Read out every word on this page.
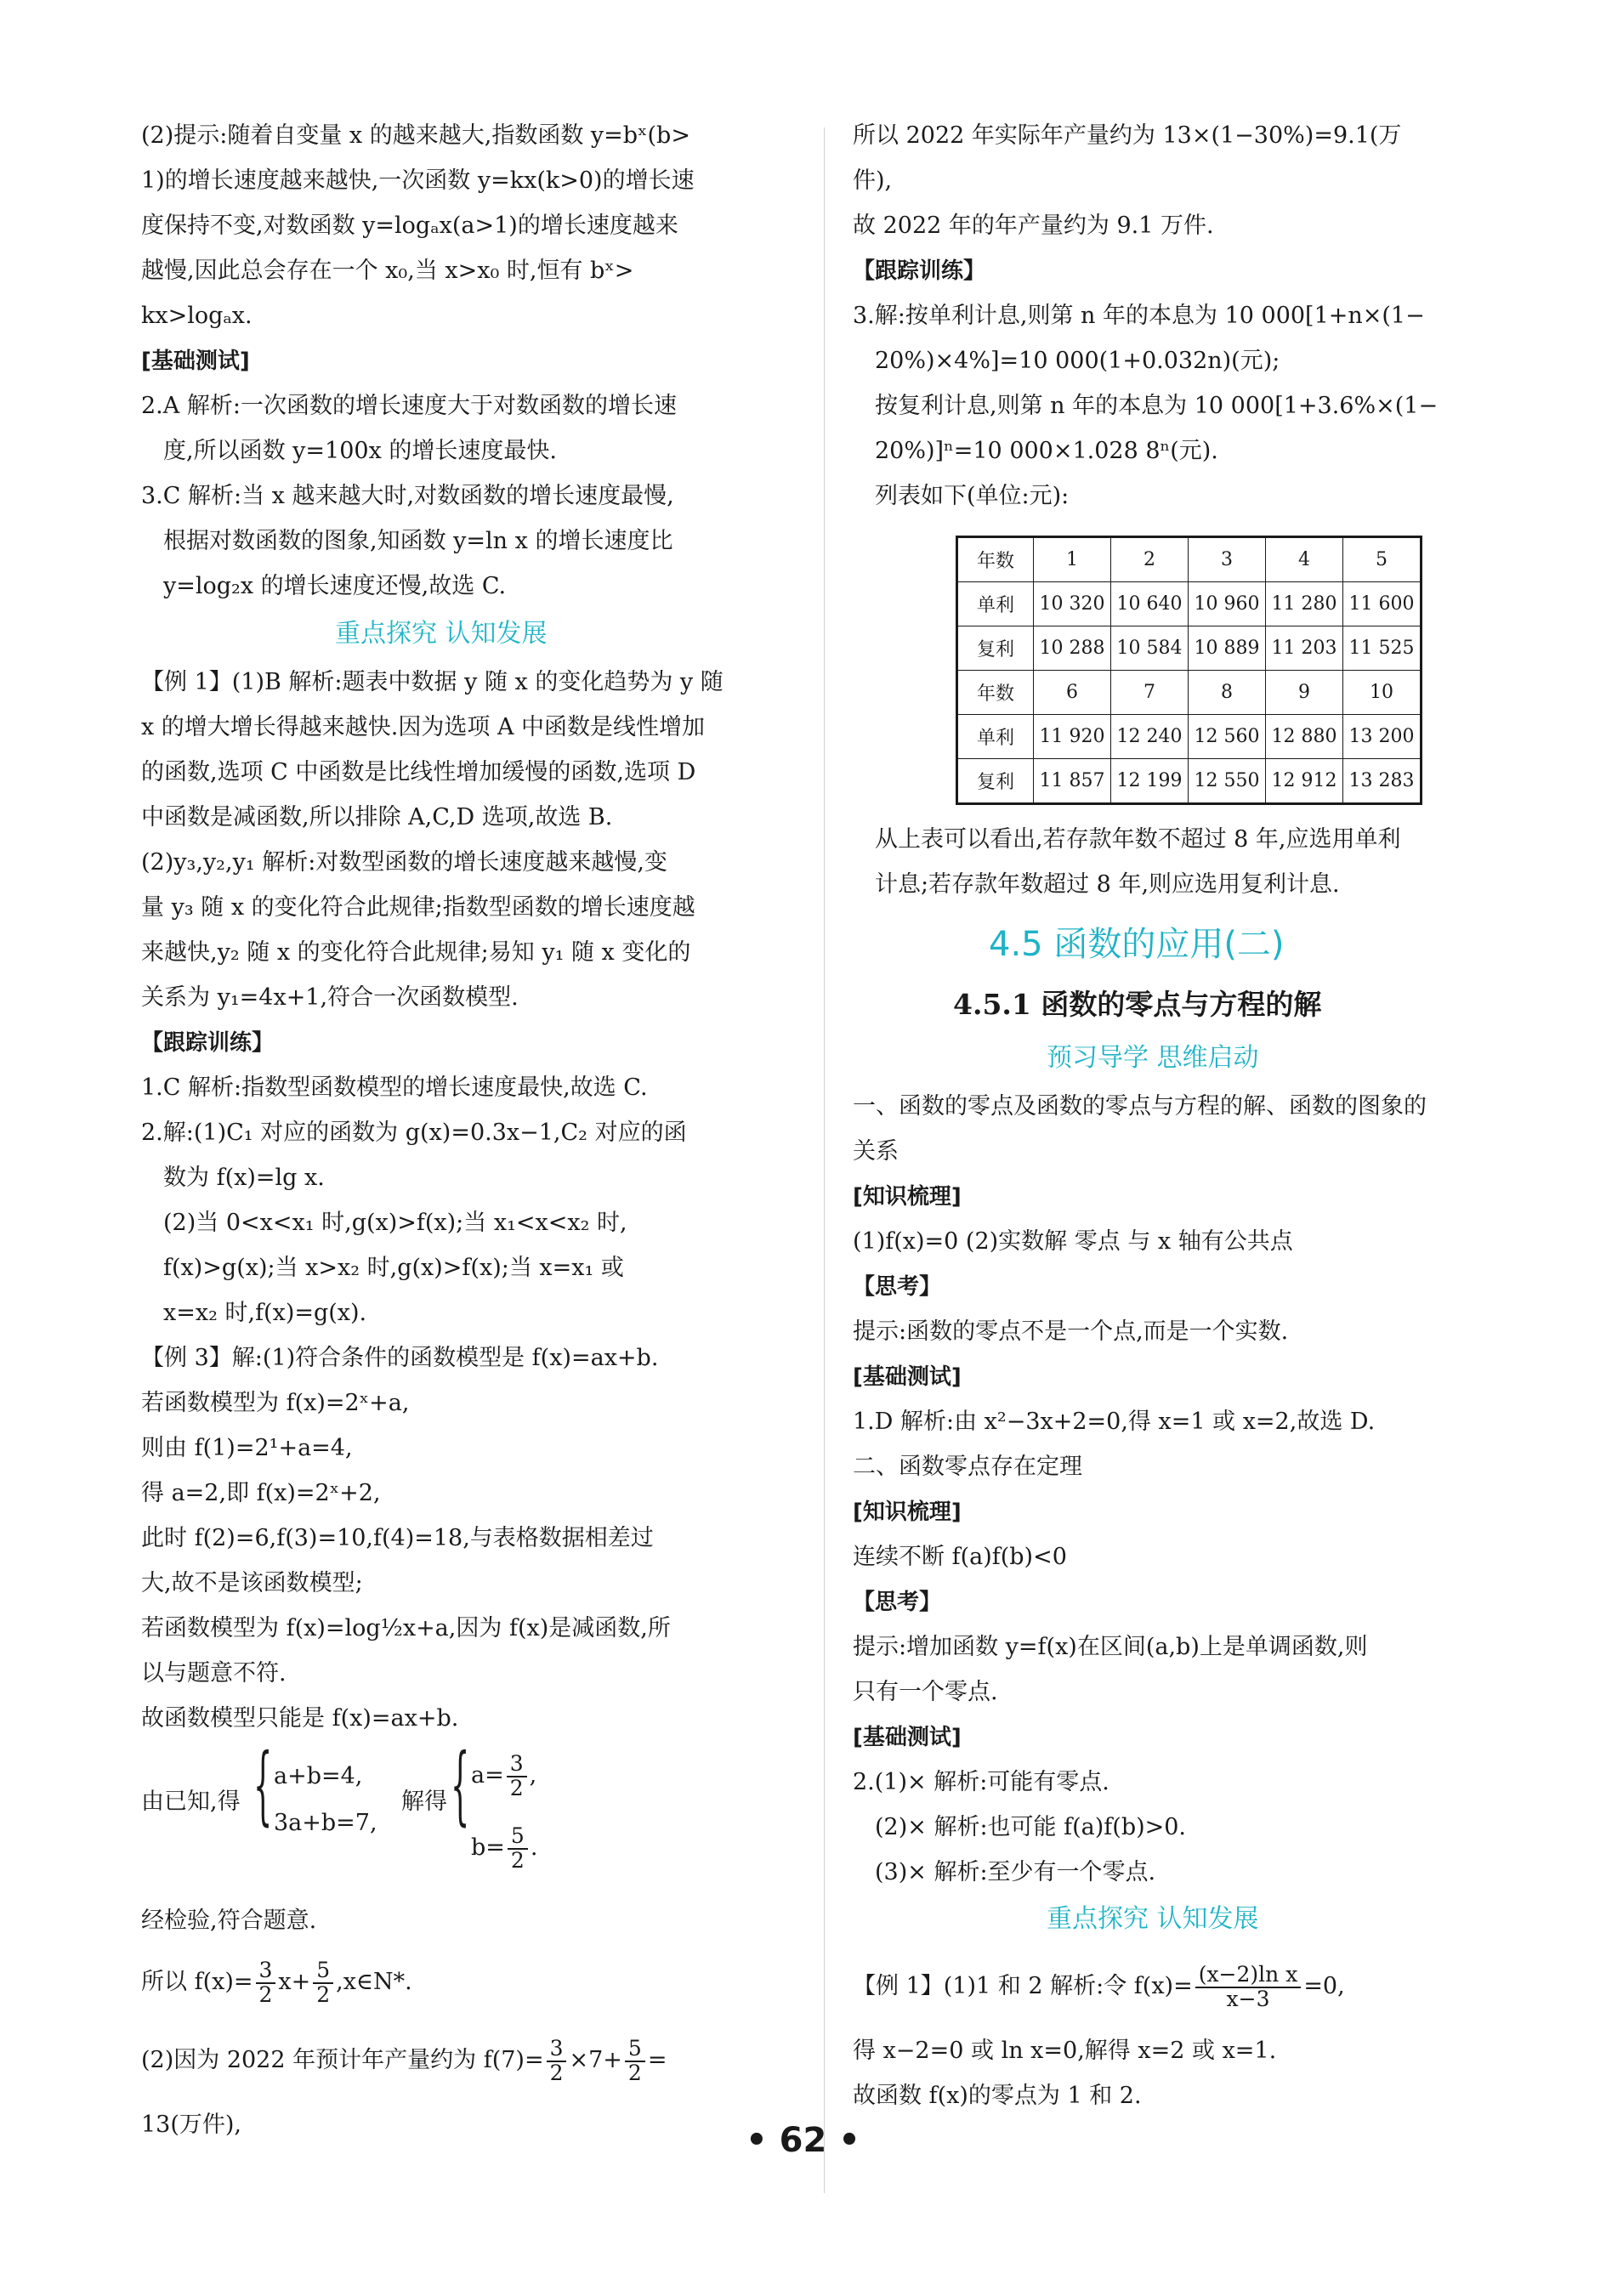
(2)提示:随着自变量 x 的越来越大,指数函数 y=bˣ(b>
1)的增长速度越来越快,一次函数 y=kx(k>0)的增长速
度保持不变,对数函数 y=logₐx(a>1)的增长速度越来
越慢,因此总会存在一个 x₀,当 x>x₀ 时,恒有 bˣ>
kx>logₐx.
[基础测试]
2.A 解析:一次函数的增长速度大于对数函数的增长速
度,所以函数 y=100x 的增长速度最快.
3.C 解析:当 x 越来越大时,对数函数的增长速度最慢,
根据对数函数的图象,知函数 y=ln x 的增长速度比
y=log₂x 的增长速度还慢,故选 C.
重点探究 认知发展
【例 1】(1)B 解析:题表中数据 y 随 x 的变化趋势为 y 随
x 的增大增长得越来越快.因为选项 A 中函数是线性增加
的函数,选项 C 中函数是比线性增加缓慢的函数,选项 D
中函数是减函数,所以排除 A,C,D 选项,故选 B.
(2)y₃,y₂,y₁ 解析:对数型函数的增长速度越来越慢,变
量 y₃ 随 x 的变化符合此规律;指数型函数的增长速度越
来越快,y₂ 随 x 的变化符合此规律;易知 y₁ 随 x 变化的
关系为 y₁=4x+1,符合一次函数模型.
【跟踪训练】
1.C 解析:指数型函数模型的增长速度最快,故选 C.
2.解:(1)C₁ 对应的函数为 g(x)=0.3x−1,C₂ 对应的函
数为 f(x)=lg x.
(2)当 0<x<x₁ 时,g(x)>f(x);当 x₁<x<x₂ 时,
f(x)>g(x);当 x>x₂ 时,g(x)>f(x);当 x=x₁ 或
x=x₂ 时,f(x)=g(x).
【例 3】解:(1)符合条件的函数模型是 f(x)=ax+b.
若函数模型为 f(x)=2ˣ+a,
则由 f(1)=2¹+a=4,
得 a=2,即 f(x)=2ˣ+2,
此时 f(2)=6,f(3)=10,f(4)=18,与表格数据相差过
大,故不是该函数模型;
若函数模型为 f(x)=log½x+a,因为 f(x)是减函数,所
以与题意不符.
故函数模型只能是 f(x)=ax+b.
由已知,得 { a+b=4,
3a+b=7,
解得 { $a= \frac{3}{2}$ ,
$b= \frac{5}{2}$ .
经检验,符合题意.
所以 $f(x)= \frac{3}{2} x+ \frac{5}{2}$ ,x∈N*.
(2)因为 2022 年预计年产量约为 $f(7)= \frac{3}{2} \times 7+ \frac{5}{2}$ =
13(万件),
所以 2022 年实际年产量约为 13×(1−30%)=9.1(万
件),
故 2022 年的年产量约为 9.1 万件.
【跟踪训练】
3.解:按单利计息,则第 n 年的本息为 10 000[1+n×(1−
20%)×4%]=10 000(1+0.032n)(元);
按复利计息,则第 n 年的本息为 10 000[1+3.6%×(1−
20%)]ⁿ=10 000×1.028 8ⁿ(元).
列表如下(单位:元):
年数	1	2	3	4	5
单利	10 320	10 640	10 960	11 280	11 600
复利	10 288	10 584	10 889	11 203	11 525
年数	6	7	8	9	10
单利	11 920	12 240	12 560	12 880	13 200
复利	11 857	12 199	12 550	12 912	13 283
从上表可以看出,若存款年数不超过 8 年,应选用单利
计息;若存款年数超过 8 年,则应选用复利计息.
4.5 函数的应用(二)
4.5.1 函数的零点与方程的解
预习导学 思维启动
一、函数的零点及函数的零点与方程的解、函数的图象的
关系
[知识梳理]
(1)f(x)=0 (2)实数解 零点 与 x 轴有公共点
【思考】
提示:函数的零点不是一个点,而是一个实数.
[基础测试]
1.D 解析:由 x²−3x+2=0,得 x=1 或 x=2,故选 D.
二、函数零点存在定理
[知识梳理]
连续不断 f(a)f(b)<0
【思考】
提示:增加函数 y=f(x)在区间(a,b)上是单调函数,则
只有一个零点.
[基础测试]
2.(1)× 解析:可能有零点.
(2)× 解析:也可能 f(a)f(b)>0.
(3)× 解析:至少有一个零点.
重点探究 认知发展
【例 1】(1)1 和 2 解析:令 $f(x)= \frac{\text{(x−2)ln x}}{x-3} =0$,
得 x−2=0 或 ln x=0,解得 x=2 或 x=1.
故函数 f(x)的零点为 1 和 2.
• 62 •
